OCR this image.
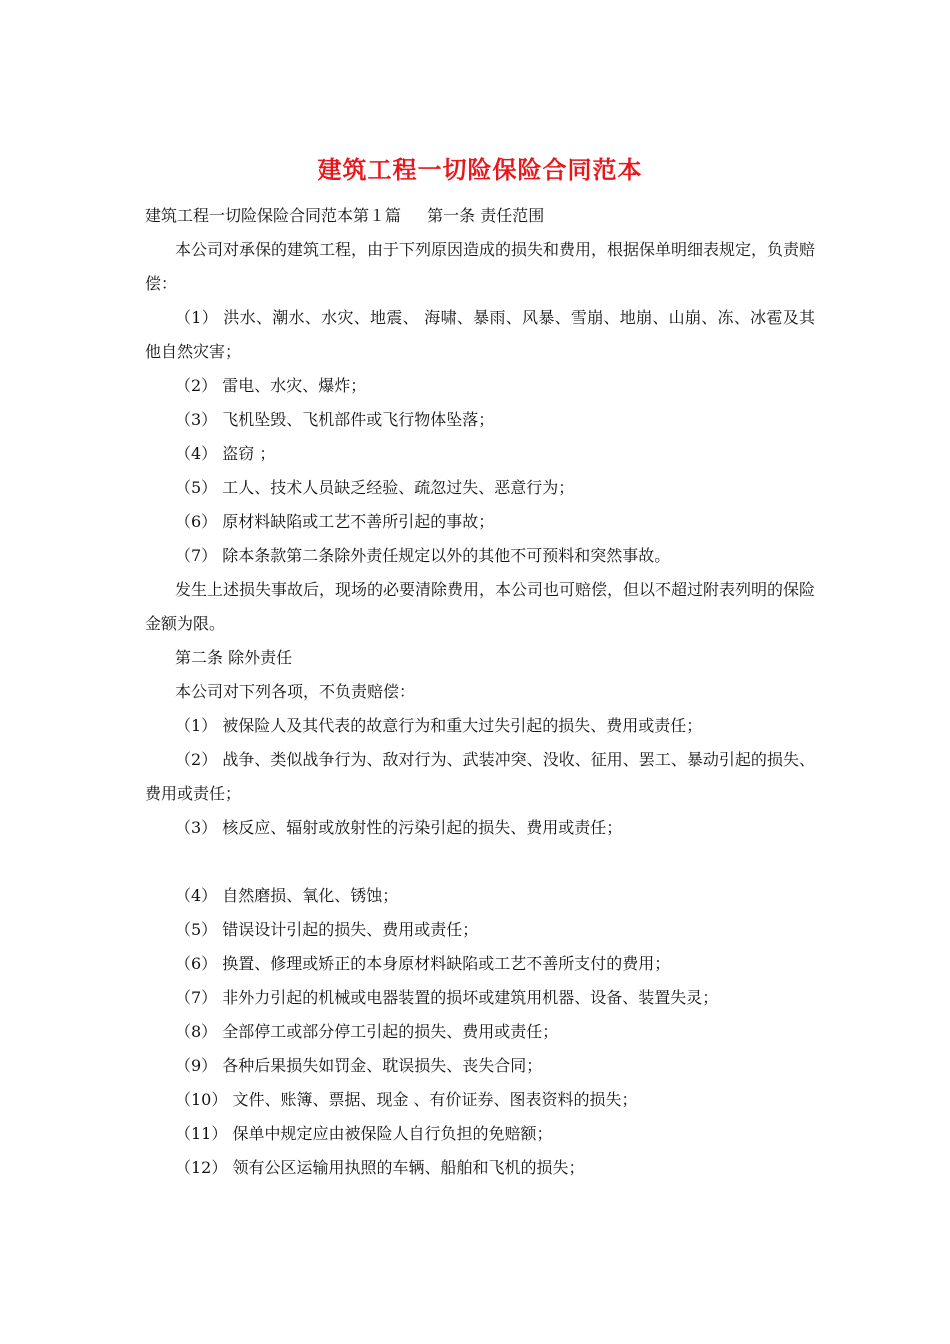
建筑工程一切险保险合同范本
建筑工程一切险保险合同范本第１篇 　 第一条 责任范围
本公司对承保的建筑工程，由于下列原因造成的损失和费用，根据保单明细表规定，负责赔偿：
（1） 洪水、潮水、水灾、地震、 海啸、暴雨、风暴、雪崩、地崩、山崩、冻、冰雹及其他自然灾害；
（2） 雷电、水灾、爆炸；
（3） 飞机坠毁、飞机部件或飞行物体坠落；
（4） 盗窃 ；
（5） 工人、技术人员缺乏经验、疏忽过失、恶意行为；
（6） 原材料缺陷或工艺不善所引起的事故；
（7） 除本条款第二条除外责任规定以外的其他不可预料和突然事故。
发生上述损失事故后，现场的必要清除费用，本公司也可赔偿，但以不超过附表列明的保险金额为限。
第二条 除外责任
本公司对下列各项，不负责赔偿：
（1） 被保险人及其代表的故意行为和重大过失引起的损失、费用或责任；
（2） 战争、类似战争行为、敌对行为、武装冲突、没收、征用、罢工、暴动引起的损失、费用或责任；
（3） 核反应、辐射或放射性的污染引起的损失、费用或责任；
（4） 自然磨损、氧化、锈蚀；
（5） 错误设计引起的损失、费用或责任；
（6） 换置、修理或矫正的本身原材料缺陷或工艺不善所支付的费用；
（7） 非外力引起的机械或电器装置的损坏或建筑用机器、设备、装置失灵；
（8） 全部停工或部分停工引起的损失、费用或责任；
（9） 各种后果损失如罚金、耽误损失、丧失合同；
（10） 文件、账簿、票据、现金 、有价证券、图表资料的损失；
（11） 保单中规定应由被保险人自行负担的免赔额；
（12） 领有公区运输用执照的车辆、船舶和飞机的损失；
